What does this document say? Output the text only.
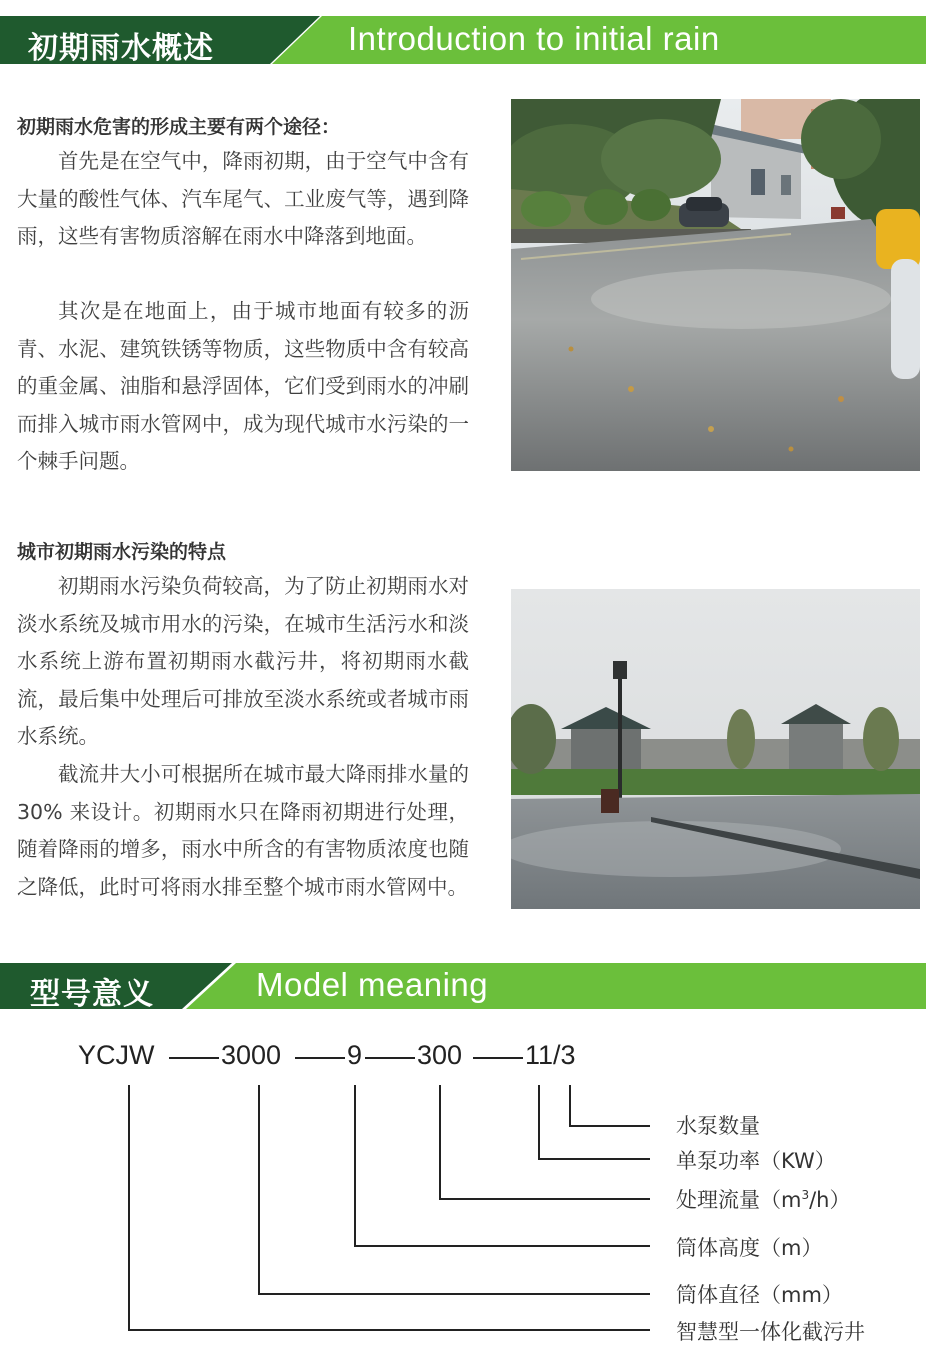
初期雨水概述	Introduction to initial rain
初期雨水危害的形成主要有两个途径：

首先是在空气中，降雨初期，由于空气中含有大量的酸性气体、汽车尾气、工业废气等，遇到降雨，这些有害物质溶解在雨水中降落到地面。

其次是在地面上，由于城市地面有较多的沥青、水泥、建筑铁锈等物质，这些物质中含有较高的重金属、油脂和悬浮固体，它们受到雨水的冲刷而排入城市雨水管网中，成为现代城市水污染的一个棘手问题。

城市初期雨水污染的特点

初期雨水污染负荷较高，为了防止初期雨水对淡水系统及城市用水的污染，在城市生活污水和淡水系统上游布置初期雨水截污井，将初期雨水截流，最后集中处理后可排放至淡水系统或者城市雨水系统。

截流井大小可根据所在城市最大降雨排水量的 30% 来设计。初期雨水只在降雨初期进行处理，随着降雨的增多，雨水中所含的有害物质浓度也随之降低，此时可将雨水排至整个城市雨水管网中。

型号意义	Model meaning
YCJW 3000 9 300 11/3
水泵数量
单泵功率（KW）
处理流量$(m^3/h)$
筒体高度（m）
筒体直径（mm）
智慧型一体化截污井
